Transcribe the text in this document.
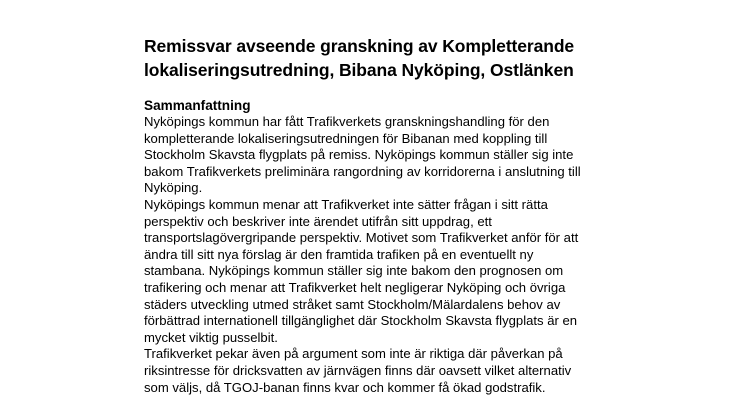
Remissvar avseende granskning av Kompletterande
lokaliseringsutredning, Bibana Nyköping, Ostlänken
Sammanfattning

Nyköpings kommun har fått Trafikverkets granskningshandling för den
kompletterande lokaliseringsutredningen för Bibanan med koppling till
Stockholm Skavsta flygplats på remiss. Nyköpings kommun ställer sig inte
bakom Trafikverkets preliminära rangordning av korridorerna i anslutning till
Nyköping.

Nyköpings kommun menar att Trafikverket inte sätter frågan i sitt rätta
perspektiv och beskriver inte ärendet utifrån sitt uppdrag, ett
transportslagövergripande perspektiv. Motivet som Trafikverket anför för att
ändra till sitt nya förslag är den framtida trafiken på en eventuellt ny
stambana. Nyköpings kommun ställer sig inte bakom den prognosen om
trafikering och menar att Trafikverket helt negligerar Nyköping och övriga
städers utveckling utmed stråket samt Stockholm/Mälardalens behov av
förbättrad internationell tillgänglighet där Stockholm Skavsta flygplats är en
mycket viktig pusselbit.

Trafikverket pekar även på argument som inte är riktiga där påverkan på
riksintresse för dricksvatten av järnvägen finns där oavsett vilket alternativ
som väljs, då TGOJ-banan finns kvar och kommer få ökad godstrafik.
